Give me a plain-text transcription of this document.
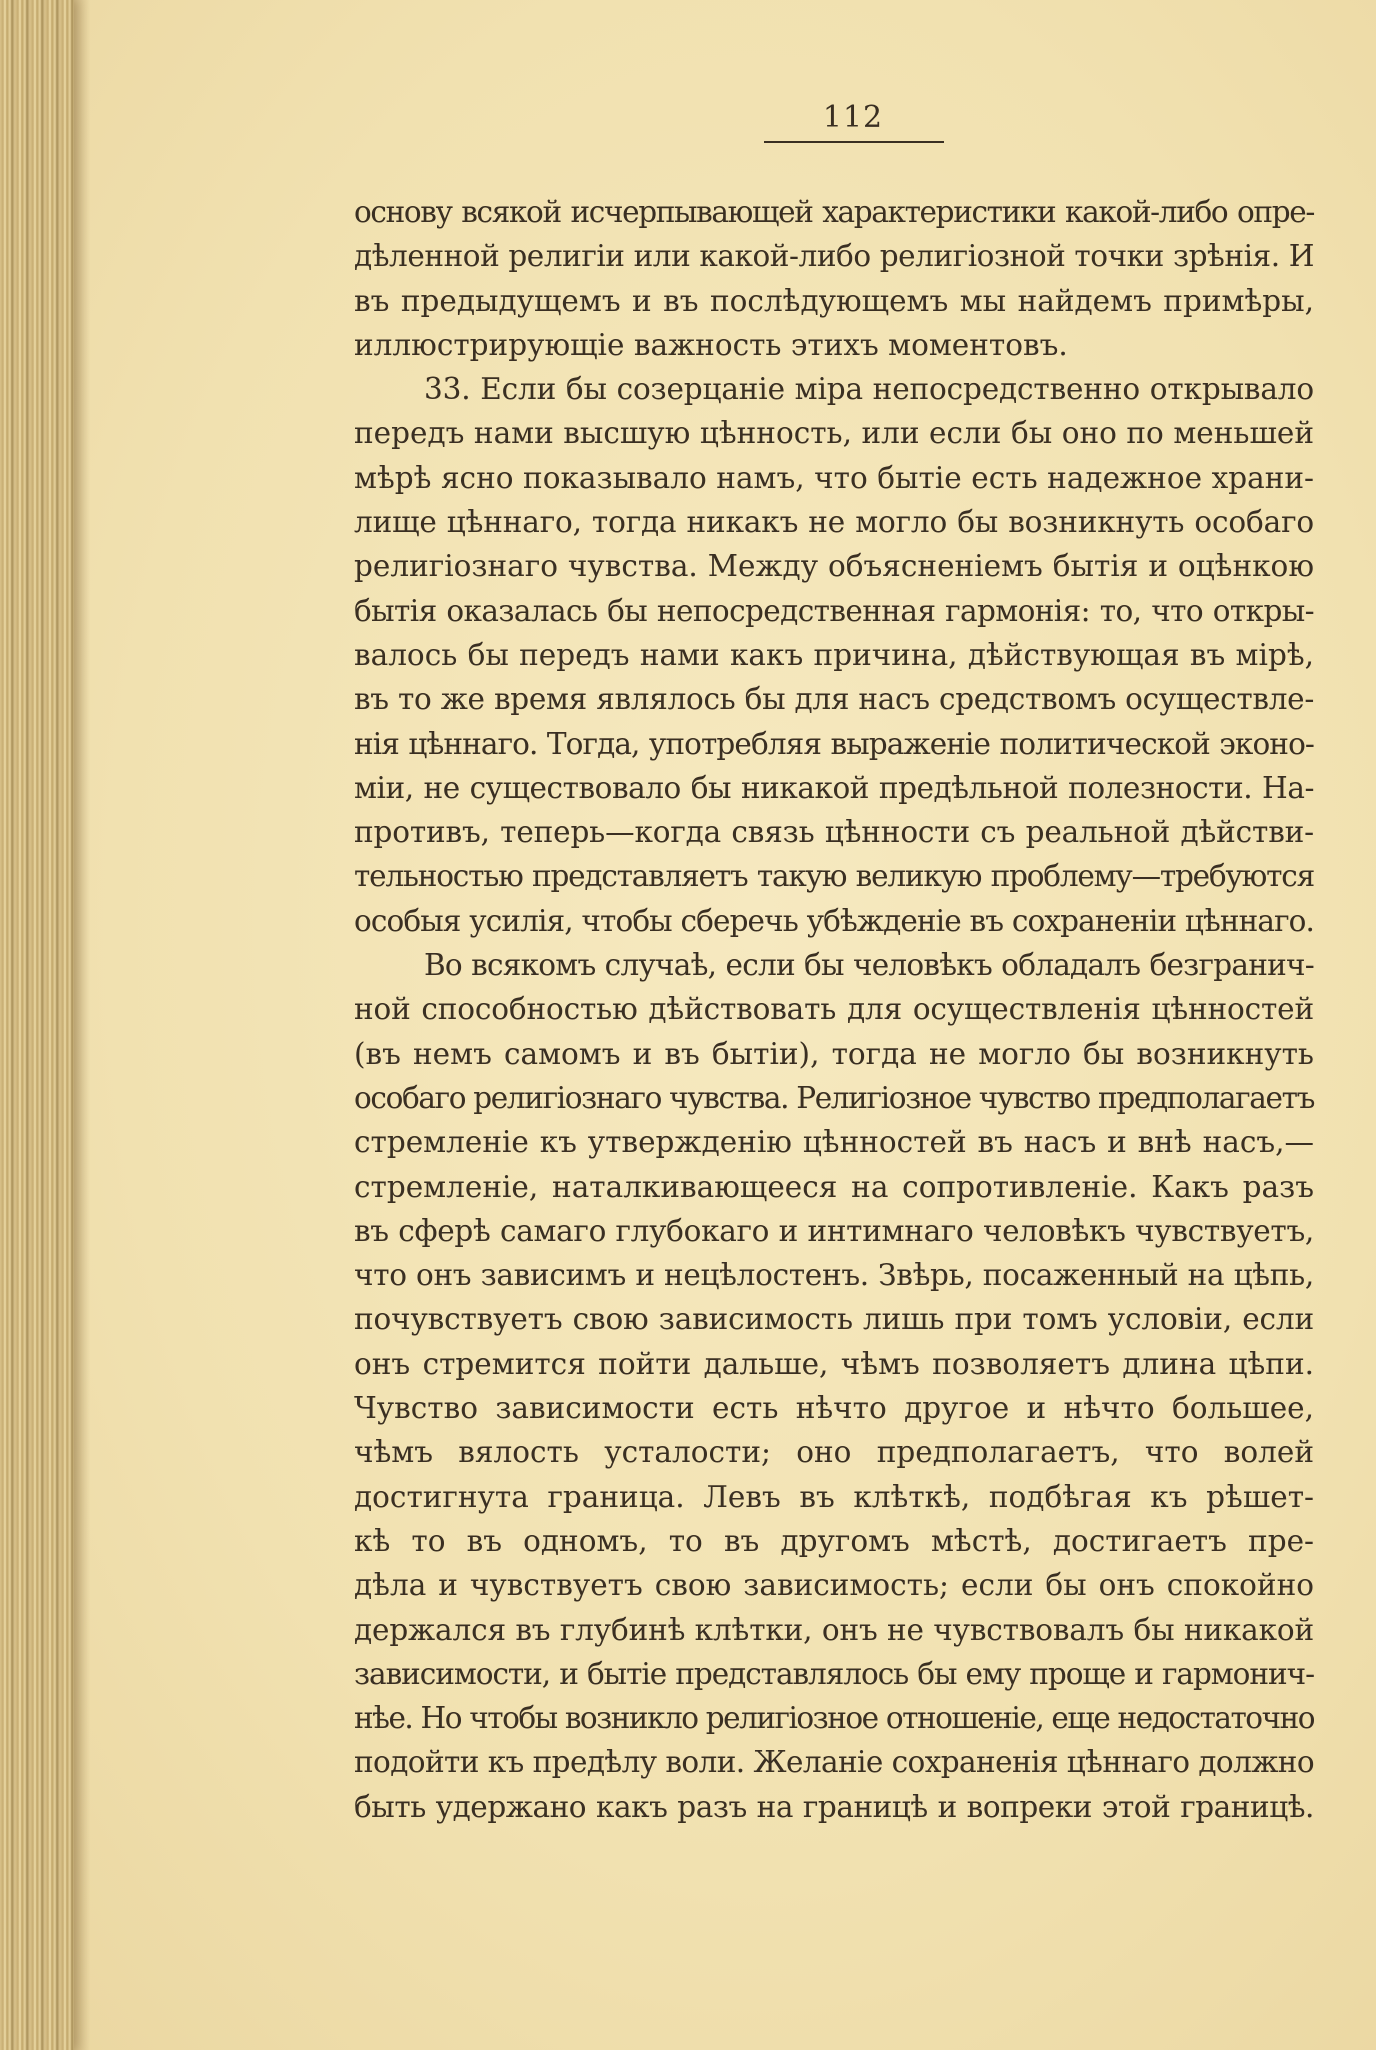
112
основу всякой исчерпывающей характеристики какой-либо опре-
дѣленной религіи или какой-либо религіозной точки зрѣнія. И
въ предыдущемъ и въ послѣдующемъ мы найдемъ примѣры,
иллюстрирующіе важность этихъ моментовъ.
33. Если бы созерцаніе міра непосредственно открывало
передъ нами высшую цѣнность, или если бы оно по меньшей
мѣрѣ ясно показывало намъ, что бытіе есть надежное храни-
лище цѣннаго, тогда никакъ не могло бы возникнуть особаго
религіознаго чувства. Между объясненіемъ бытія и оцѣнкою
бытія оказалась бы непосредственная гармонія: то, что откры-
валось бы передъ нами какъ причина, дѣйствующая въ мірѣ,
въ то же время являлось бы для насъ средствомъ осуществле-
нія цѣннаго. Тогда, употребляя выраженіе политической эконо-
міи, не существовало бы никакой предѣльной полезности. На-
противъ, теперь—когда связь цѣнности съ реальной дѣйстви-
тельностью представляетъ такую великую проблему—требуются
особыя усилія, чтобы сберечь убѣжденіе въ сохраненіи цѣннаго.
Во всякомъ случаѣ, если бы человѣкъ обладалъ безгранич-
ной способностью дѣйствовать для осуществленія цѣнностей
(въ немъ самомъ и въ бытіи), тогда не могло бы возникнуть
особаго религіознаго чувства. Религіозное чувство предполагаетъ
стремленіе къ утвержденію цѣнностей въ насъ и внѣ насъ,—
стремленіе, наталкивающееся на сопротивленіе. Какъ разъ
въ сферѣ самаго глубокаго и интимнаго человѣкъ чувствуетъ,
что онъ зависимъ и нецѣлостенъ. Звѣрь, посаженный на цѣпь,
почувствуетъ свою зависимость лишь при томъ условіи, если
онъ стремится пойти дальше, чѣмъ позволяетъ длина цѣпи.
Чувство зависимости есть нѣчто другое и нѣчто большее,
чѣмъ вялость усталости; оно предполагаетъ, что волей
достигнута граница. Левъ въ клѣткѣ, подбѣгая къ рѣшет-
кѣ то въ одномъ, то въ другомъ мѣстѣ, достигаетъ пре-
дѣла и чувствуетъ свою зависимость; если бы онъ спокойно
держался въ глубинѣ клѣтки, онъ не чувствовалъ бы никакой
зависимости, и бытіе представлялось бы ему проще и гармонич-
нѣе. Но чтобы возникло религіозное отношеніе, еще недостаточно
подойти къ предѣлу воли. Желаніе сохраненія цѣннаго должно
быть удержано какъ разъ на границѣ и вопреки этой границѣ.
